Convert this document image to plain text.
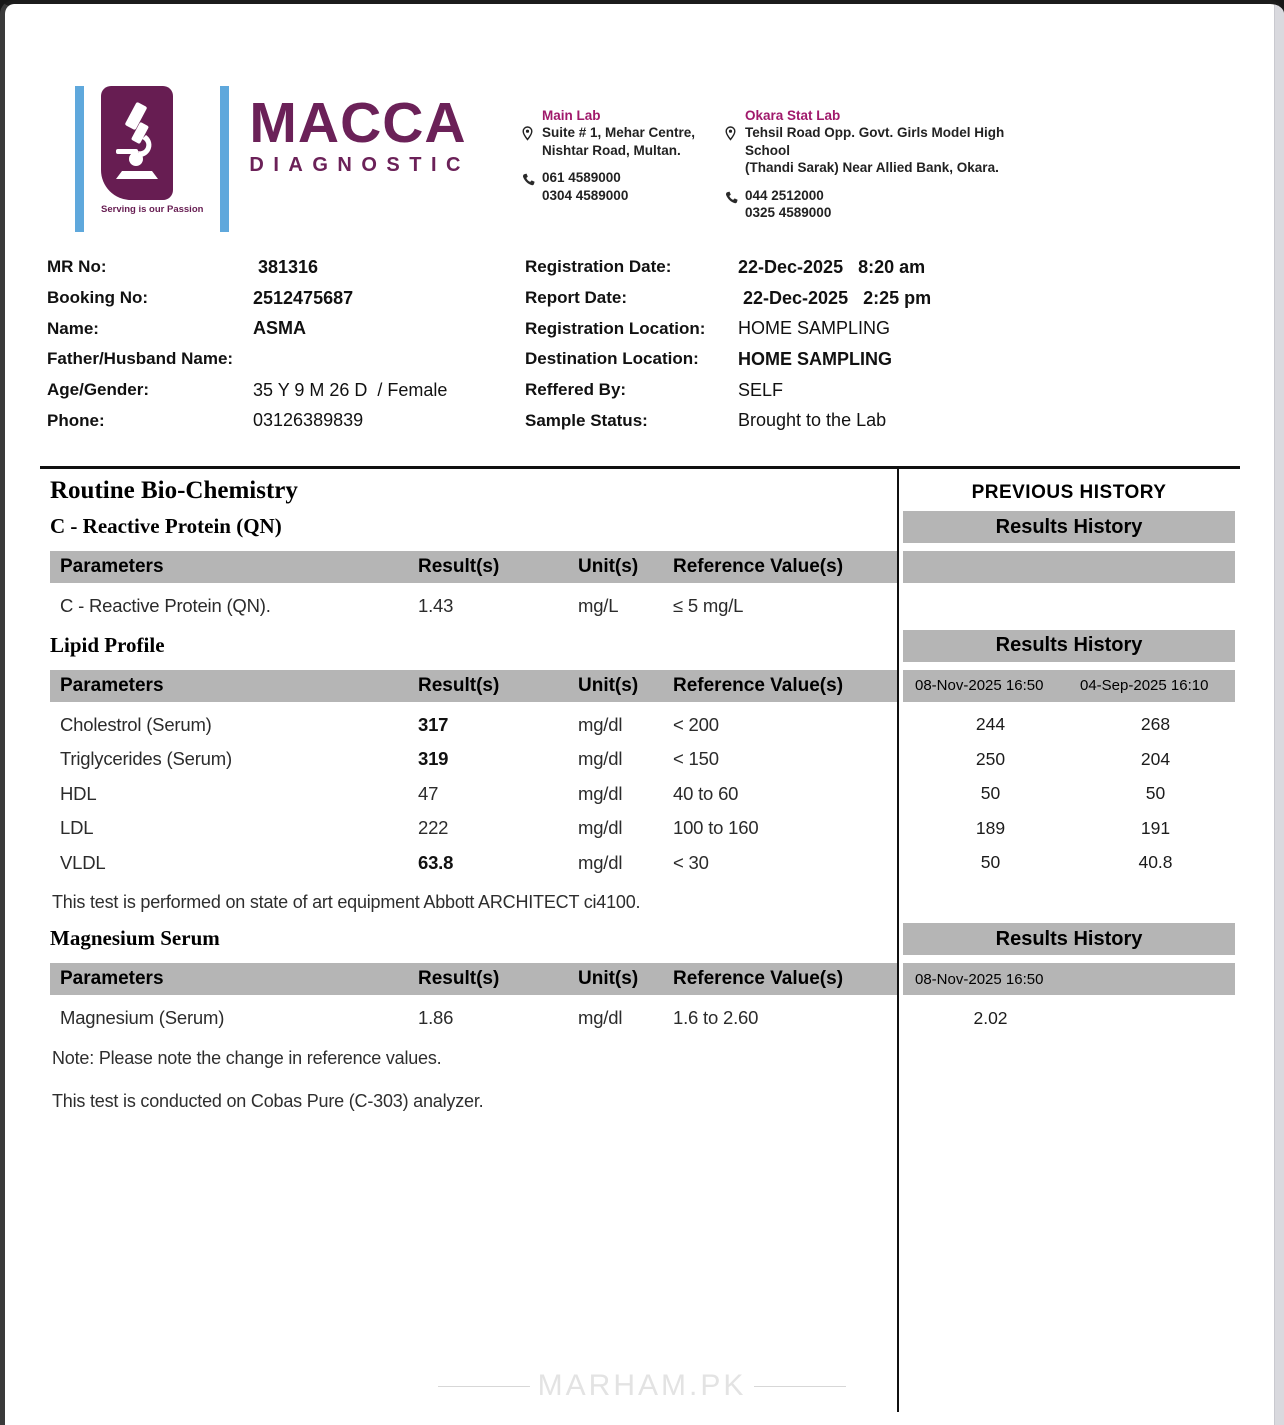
Serving is our Passion
MACCA
DIAGNOSTIC
Main Lab
Suite # 1, Mehar Centre,
Nishtar Road, Multan.
061 4589000
0304 4589000
Okara Stat Lab
Tehsil Road Opp. Govt. Girls Model High School
(Thandi Sarak) Near Allied Bank, Okara.
044 2512000
0325 4589000
MR No:	381316
Booking No:	2512475687
Name:	ASMA
Father/Husband Name:
Age/Gender:	35 Y 9 M 26 D  / Female
Phone:	03126389839
Registration Date:	22-Dec-2025   8:20 am
Report Date:	22-Dec-2025   2:25 pm
Registration Location:	HOME SAMPLING
Destination Location:	HOME SAMPLING
Reffered By:	SELF
Sample Status:	Brought to the Lab
Routine Bio-Chemistry	PREVIOUS HISTORY
C - Reactive Protein (QN)	Results History
Parameters	Result(s)	Unit(s)	Reference Value(s)
C - Reactive Protein (QN).	1.43	mg/L	≤ 5 mg/L
Lipid Profile	Results History
Parameters	Result(s)	Unit(s)	Reference Value(s)	08-Nov-2025 16:50	04-Sep-2025 16:10
Cholestrol (Serum)	317	mg/dl	< 200	244	268
Triglycerides (Serum)	319	mg/dl	< 150	250	204
HDL	47	mg/dl	40 to 60	50	50
LDL	222	mg/dl	100 to 160	189	191
VLDL	63.8	mg/dl	< 30	50	40.8
This test is performed on state of art equipment Abbott ARCHITECT ci4100.
Magnesium Serum	Results History
Parameters	Result(s)	Unit(s)	Reference Value(s)	08-Nov-2025 16:50
Magnesium (Serum)	1.86	mg/dl	1.6 to 2.60	2.02
Note: Please note the change in reference values.
This test is conducted on Cobas Pure (C-303) analyzer.
MARHAM.PK
